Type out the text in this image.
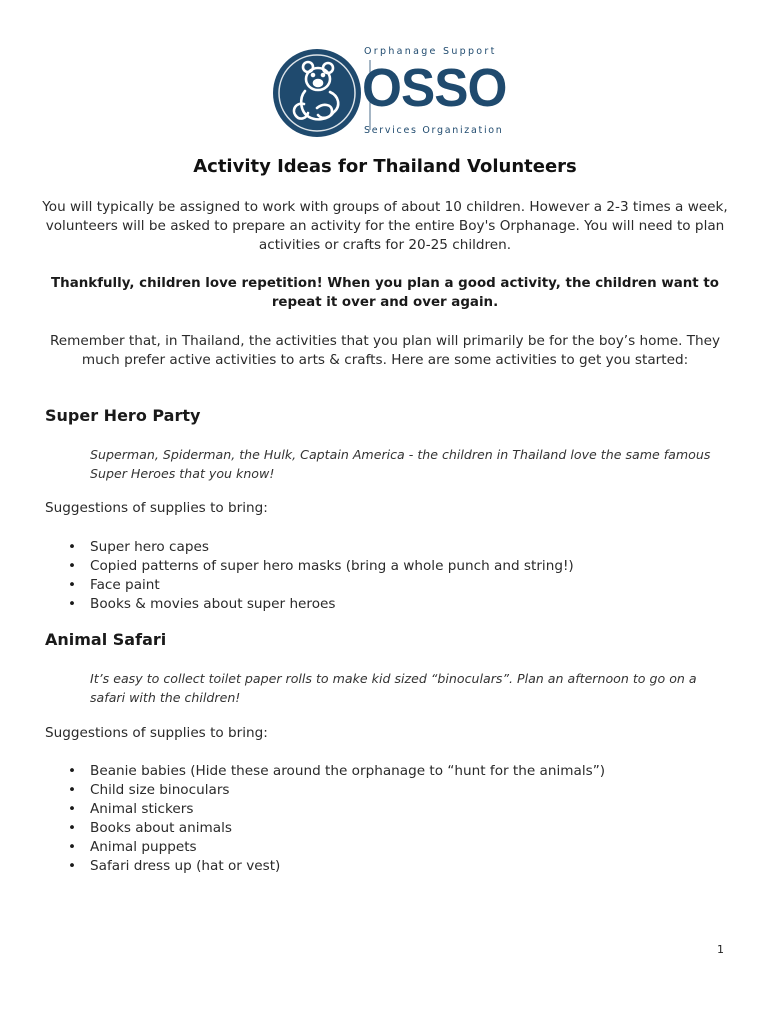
Orphanage Support
OSSO
Services Organization
Activity Ideas for Thailand Volunteers

You will typically be assigned to work with groups of about 10 children. However a 2-3 times a week, volunteers will be asked to prepare an activity for the entire Boy's Orphanage. You will need to plan activities or crafts for 20-25 children.

Thankfully, children love repetition! When you plan a good activity, the children want to repeat it over and over again.

Remember that, in Thailand, the activities that you plan will primarily be for the boy’s home. They much prefer active activities to arts & crafts. Here are some activities to get you started:

Super Hero Party

Superman, Spiderman, the Hulk, Captain America - the children in Thailand love the same famous Super Heroes that you know!

Suggestions of supplies to bring:

• Super hero capes
• Copied patterns of super hero masks (bring a whole punch and string!)
• Face paint
• Books & movies about super heroes
Animal Safari

It’s easy to collect toilet paper rolls to make kid sized “binoculars”. Plan an afternoon to go on a safari with the children!

Suggestions of supplies to bring:

• Beanie babies (Hide these around the orphanage to “hunt for the animals”)
• Child size binoculars
• Animal stickers
• Books about animals
• Animal puppets
• Safari dress up (hat or vest)
1
